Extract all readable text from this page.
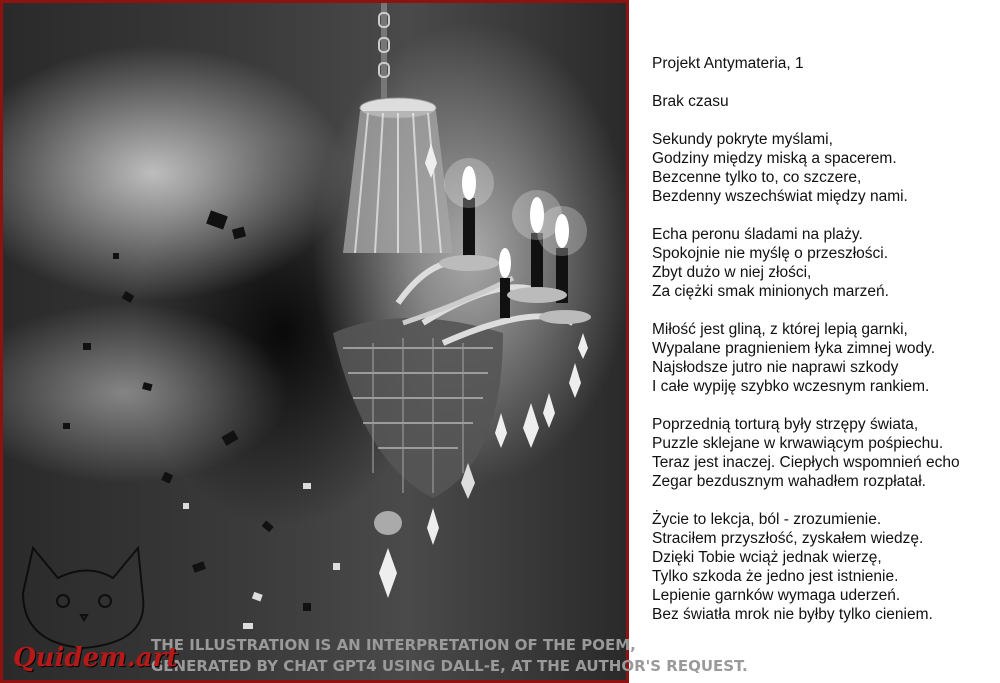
THE ILLUSTRATION IS AN INTERPRETATION OF THE POEM,
GENERATED BY CHAT GPT4 USING DALL-E, AT THE AUTHOR'S REQUEST.
Quidem.art
Projekt Antymateria, 1
Brak czasu
Sekundy pokryte myślami,
Godziny między miską a spacerem.
Bezcenne tylko to, co szczere,
Bezdenny wszechświat między nami.
Echa peronu śladami na plaży.
Spokojnie nie myślę o przeszłości.
Zbyt dużo w niej złości,
Za ciężki smak minionych marzeń.
Miłość jest gliną, z której lepią garnki,
Wypalane pragnieniem łyka zimnej wody.
Najsłodsze jutro nie naprawi szkody
I całe wypiję szybko wczesnym rankiem.
Poprzednią torturą były strzępy świata,
Puzzle sklejane w krwawiącym pośpiechu.
Teraz jest inaczej. Ciepłych wspomnień echo
Zegar bezdusznym wahadłem rozpłatał.
Życie to lekcja, ból - zrozumienie.
Straciłem przyszłość, zyskałem wiedzę.
Dzięki Tobie wciąż jednak wierzę,
Tylko szkoda że jedno jest istnienie.
Lepienie garnków wymaga uderzeń.
Bez światła mrok nie byłby tylko cieniem.
